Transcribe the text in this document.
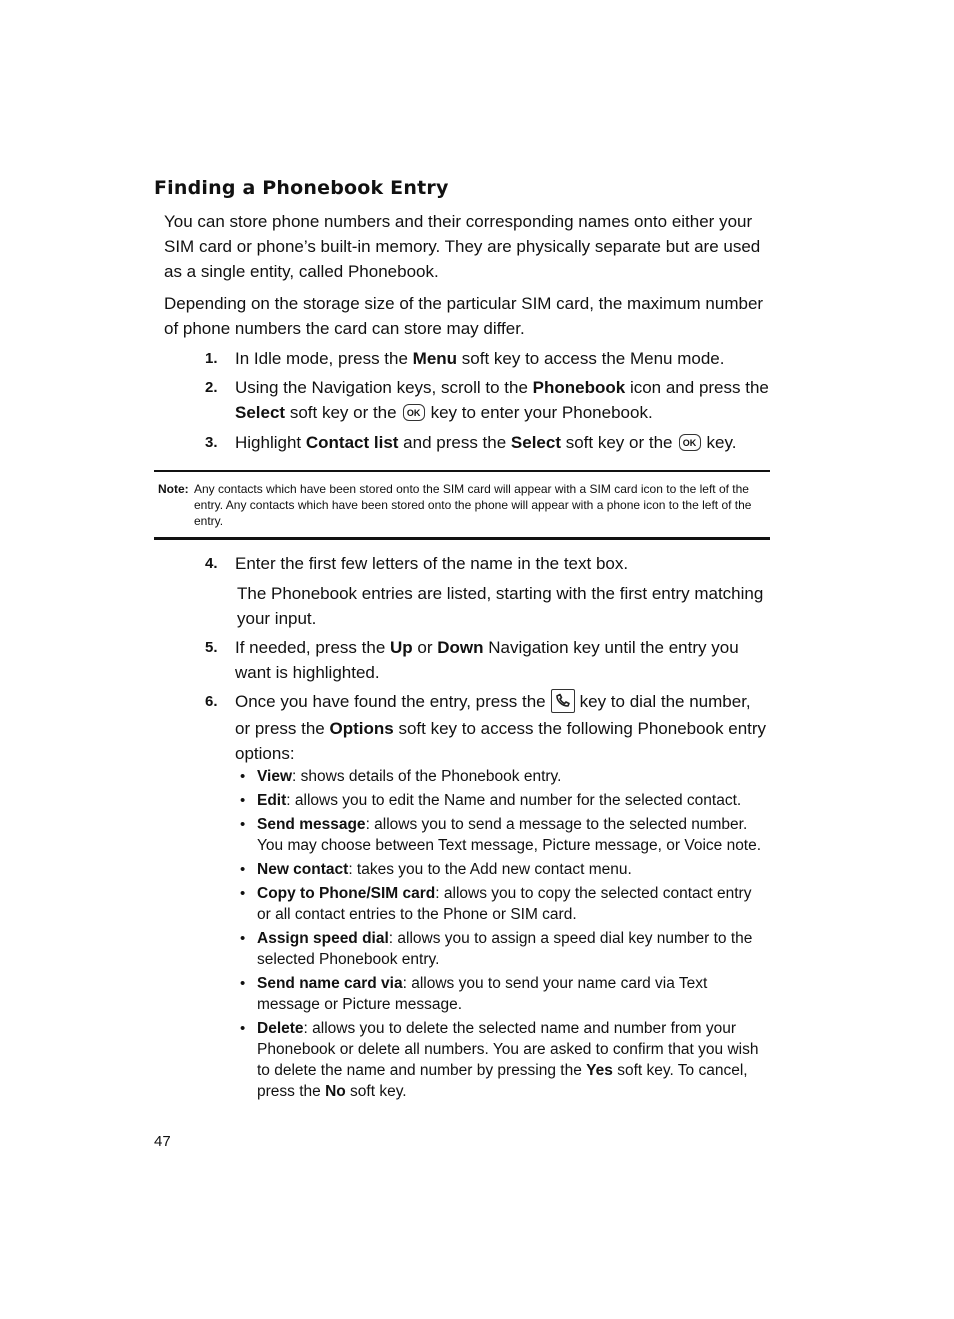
Finding a Phonebook Entry

You can store phone numbers and their corresponding names onto either your SIM card or phone’s built-in memory. They are physically separate but are used as a single entity, called Phonebook.

Depending on the storage size of the particular SIM card, the maximum number of phone numbers the card can store may differ.

1. In Idle mode, press the Menu soft key to access the Menu mode.
2. Using the Navigation keys, scroll to the Phonebook icon and press the Select soft key or the OK key to enter your Phonebook.
3. Highlight Contact list and press the Select soft key or the OK key.
Note: Any contacts which have been stored onto the SIM card will appear with a SIM card icon to the left of the entry. Any contacts which have been stored onto the phone will appear with a phone icon to the left of the entry.
4. Enter the first few letters of the name in the text box.
The Phonebook entries are listed, starting with the first entry matching your input.
5. If needed, press the Up or Down Navigation key until the entry you want is highlighted.
6. Once you have found the entry, press the key to dial the number, or press the Options soft key to access the following Phonebook entry options:
• View: shows details of the Phonebook entry.
• Edit: allows you to edit the Name and number for the selected contact.
• Send message: allows you to send a message to the selected number. You may choose between Text message, Picture message, or Voice note.
• New contact: takes you to the Add new contact menu.
• Copy to Phone/SIM card: allows you to copy the selected contact entry or all contact entries to the Phone or SIM card.
• Assign speed dial: allows you to assign a speed dial key number to the selected Phonebook entry.
• Send name card via: allows you to send your name card via Text message or Picture message.
• Delete: allows you to delete the selected name and number from your Phonebook or delete all numbers. You are asked to confirm that you wish to delete the name and number by pressing the Yes soft key. To cancel, press the No soft key.
47
